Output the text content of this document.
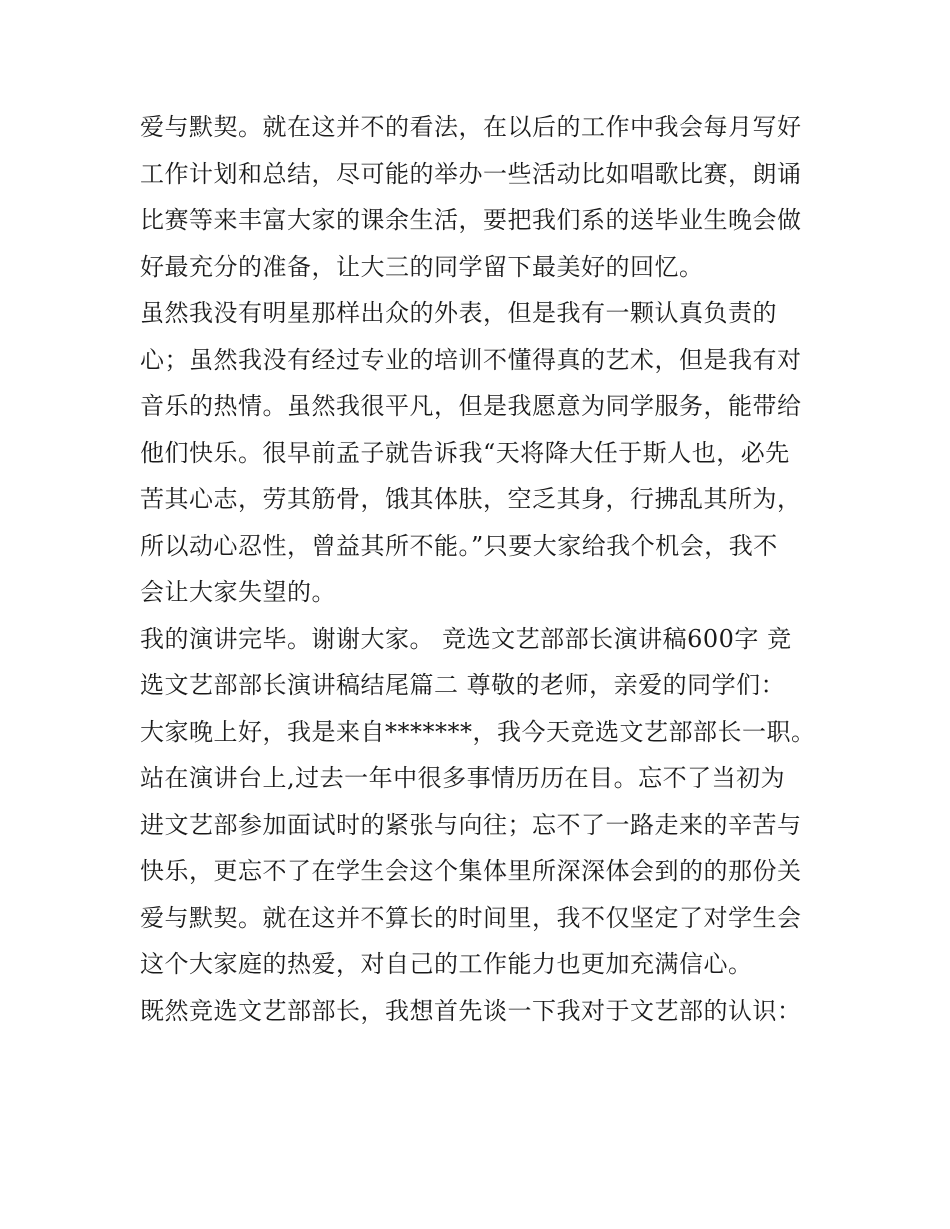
爱与默契。就在这并不的看法，在以后的工作中我会每月写好
工作计划和总结，尽可能的举办一些活动比如唱歌比赛，朗诵
比赛等来丰富大家的课余生活，要把我们系的送毕业生晚会做
好最充分的准备，让大三的同学留下最美好的回忆。
虽然我没有明星那样出众的外表，但是我有一颗认真负责的
心；虽然我没有经过专业的培训不懂得真的艺术，但是我有对
音乐的热情。虽然我很平凡，但是我愿意为同学服务，能带给
他们快乐。很早前孟子就告诉我“天将降大任于斯人也，必先
苦其心志，劳其筋骨，饿其体肤，空乏其身，行拂乱其所为，
所以动心忍性，曾益其所不能。”只要大家给我个机会，我不
会让大家失望的。
我的演讲完毕。谢谢大家。 竞选文艺部部长演讲稿600字 竞
选文艺部部长演讲稿结尾篇二 尊敬的老师，亲爱的同学们：
大家晚上好，我是来自*******，我今天竞选文艺部部长一职。
站在演讲台上,过去一年中很多事情历历在目。忘不了当初为
进文艺部参加面试时的紧张与向往；忘不了一路走来的辛苦与
快乐，更忘不了在学生会这个集体里所深深体会到的的那份关
爱与默契。就在这并不算长的时间里，我不仅坚定了对学生会
这个大家庭的热爱，对自己的工作能力也更加充满信心。
既然竞选文艺部部长，我想首先谈一下我对于文艺部的认识：
